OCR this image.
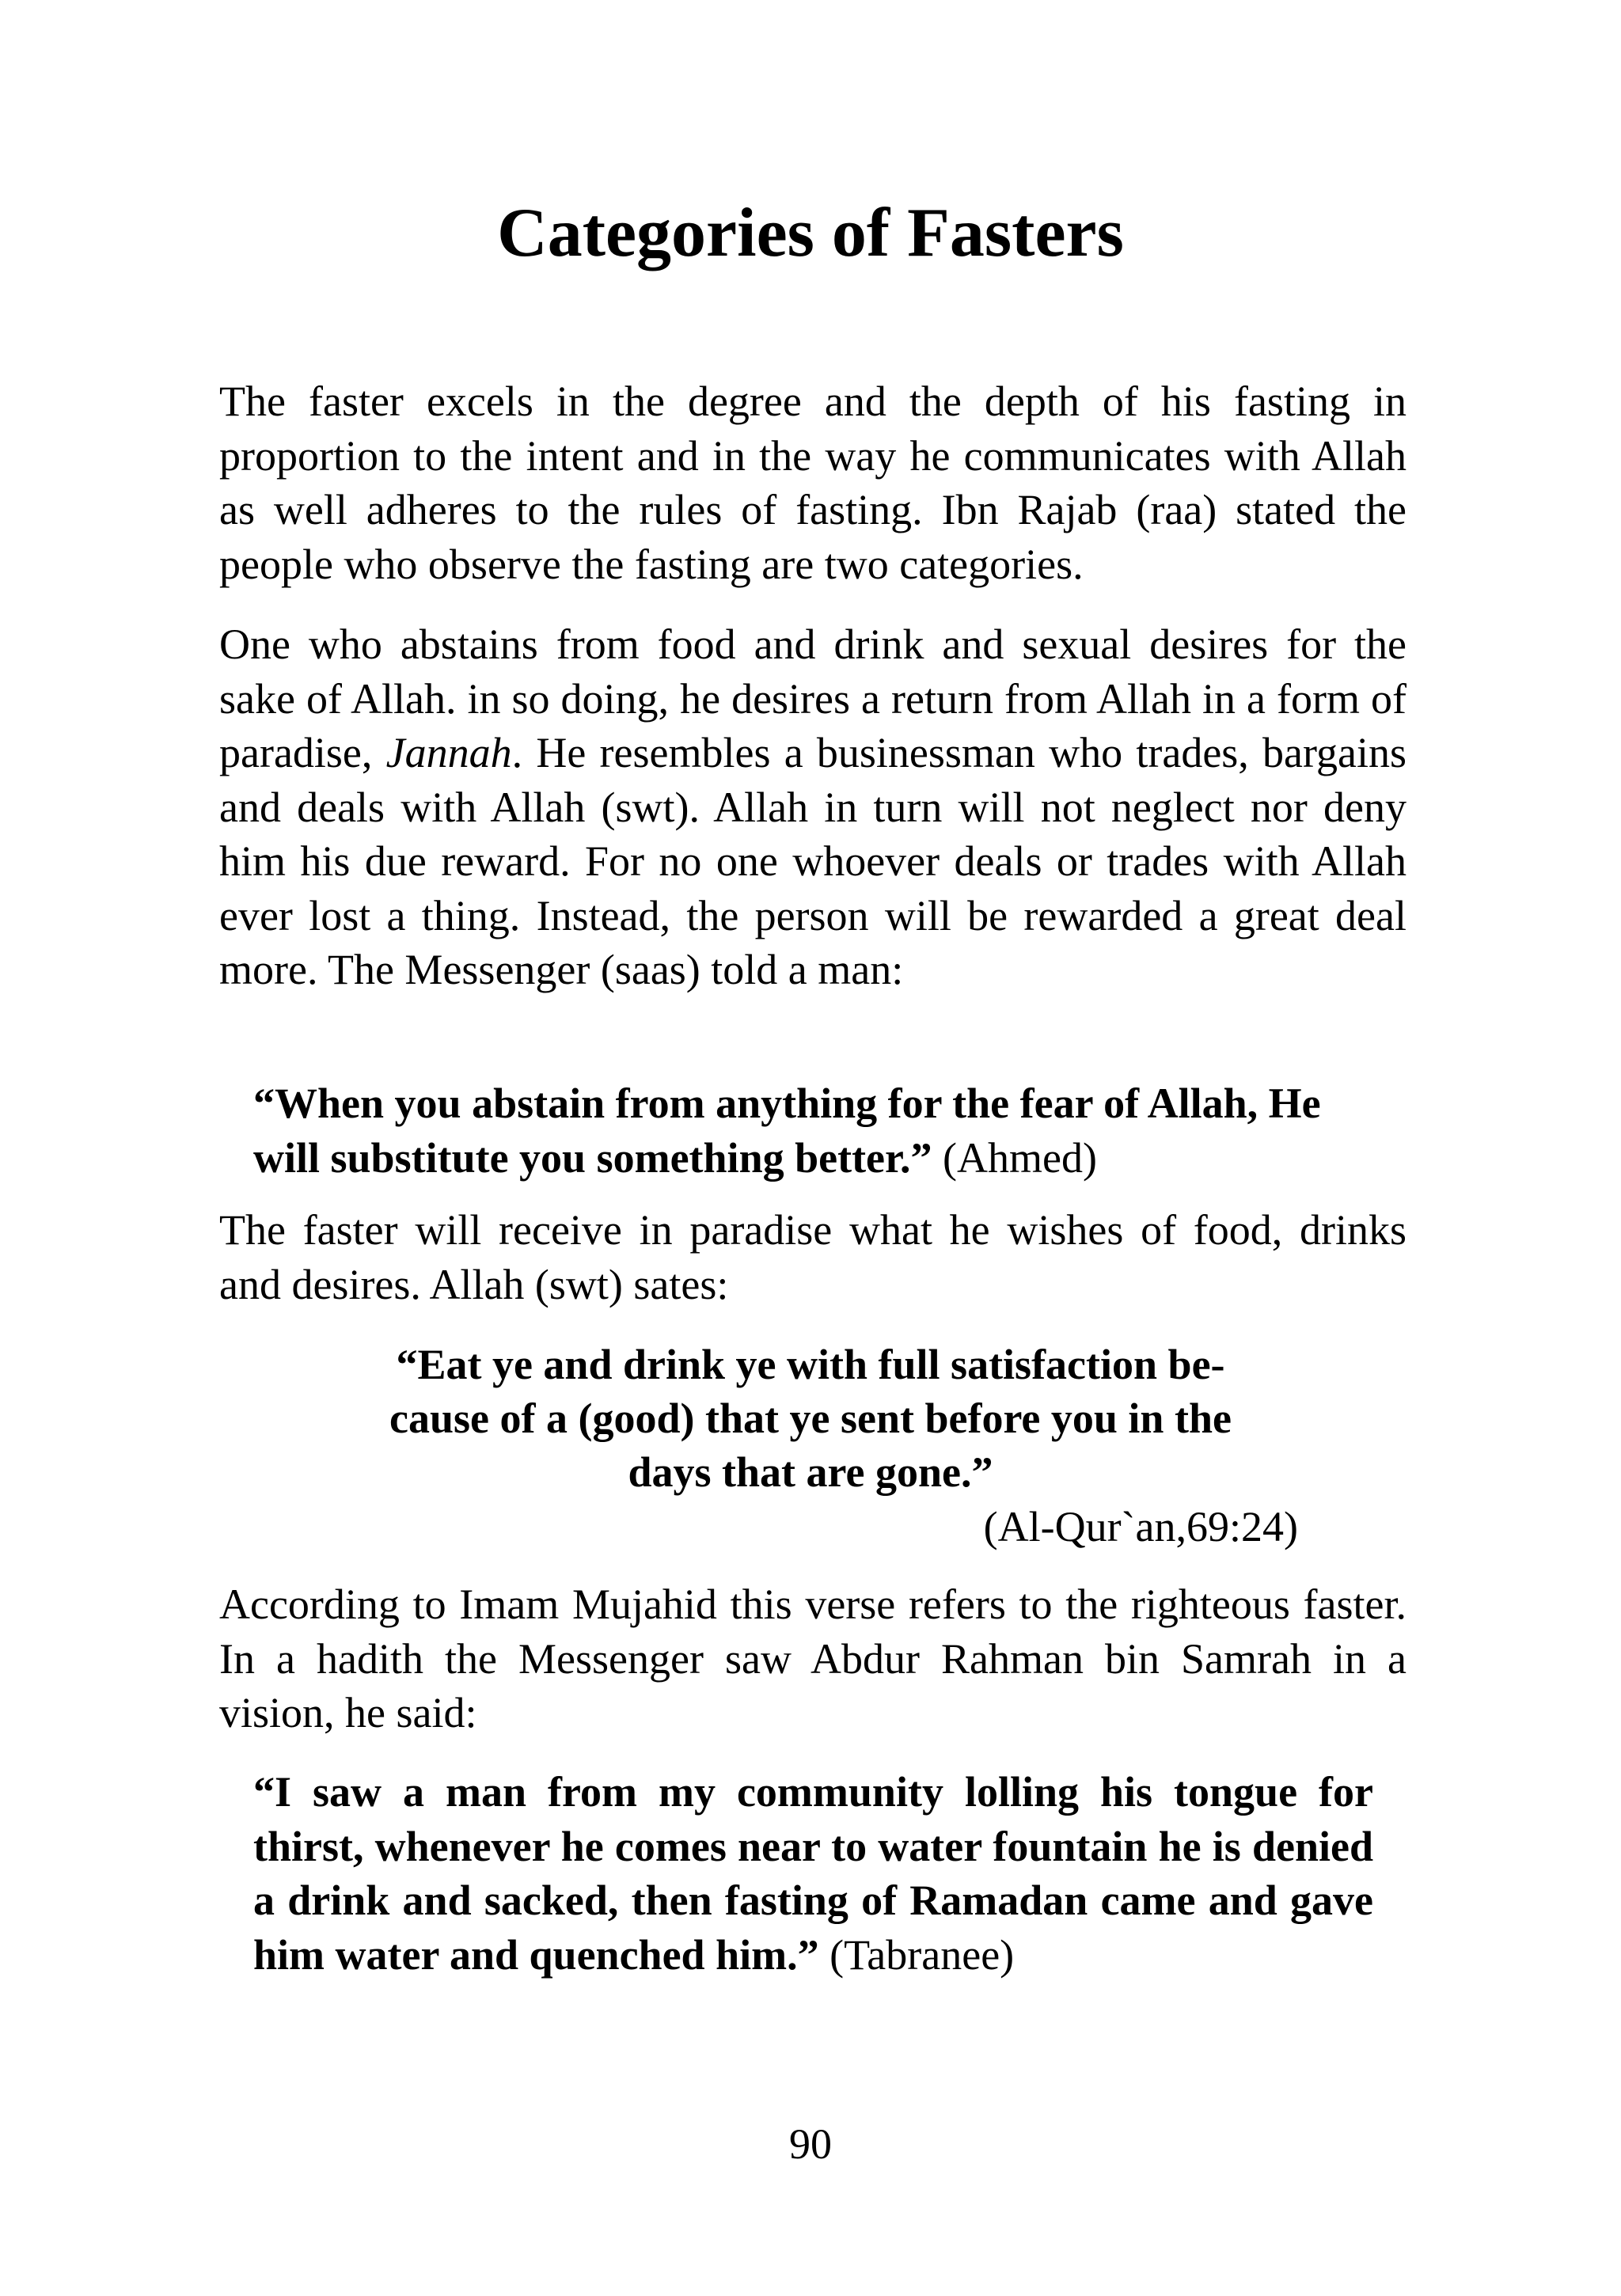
Categories of Fasters

The faster excels in the degree and the depth of his fasting in proportion to the intent and in the way he communicates with Allah as well adheres to the rules of fasting. Ibn Rajab (raa) stated the people who observe the fasting are two categories.

One who abstains from food and drink and sexual desires for the sake of Allah. in so doing, he desires a return from Allah in a form of paradise, Jannah. He resembles a businessman who trades, bargains and deals with Allah (swt). Allah in turn will not neglect nor deny him his due reward. For no one whoever deals or trades with Allah ever lost a thing. Instead, the person will be rewarded a great deal more. The Messenger (saas) told a man:

“When you abstain from anything for the fear of Allah, He will substitute you something better.” (Ahmed)

The faster will receive in paradise what he wishes of food, drinks and desires. Allah (swt) sates:

“Eat ye and drink ye with full satisfaction be-

cause of a (good) that ye sent before you in the

days that are gone.”

(Al-Qur`an,69:24)

According to Imam Mujahid this verse refers to the righteous faster. In a hadith the Messenger saw Abdur Rahman bin Samrah in a vision, he said:

“I saw a man from my community lolling his tongue for thirst, whenever he comes near to water fountain he is denied a drink and sacked, then fasting of Ramadan came and gave him water and quenched him.” (Tabranee)

90
